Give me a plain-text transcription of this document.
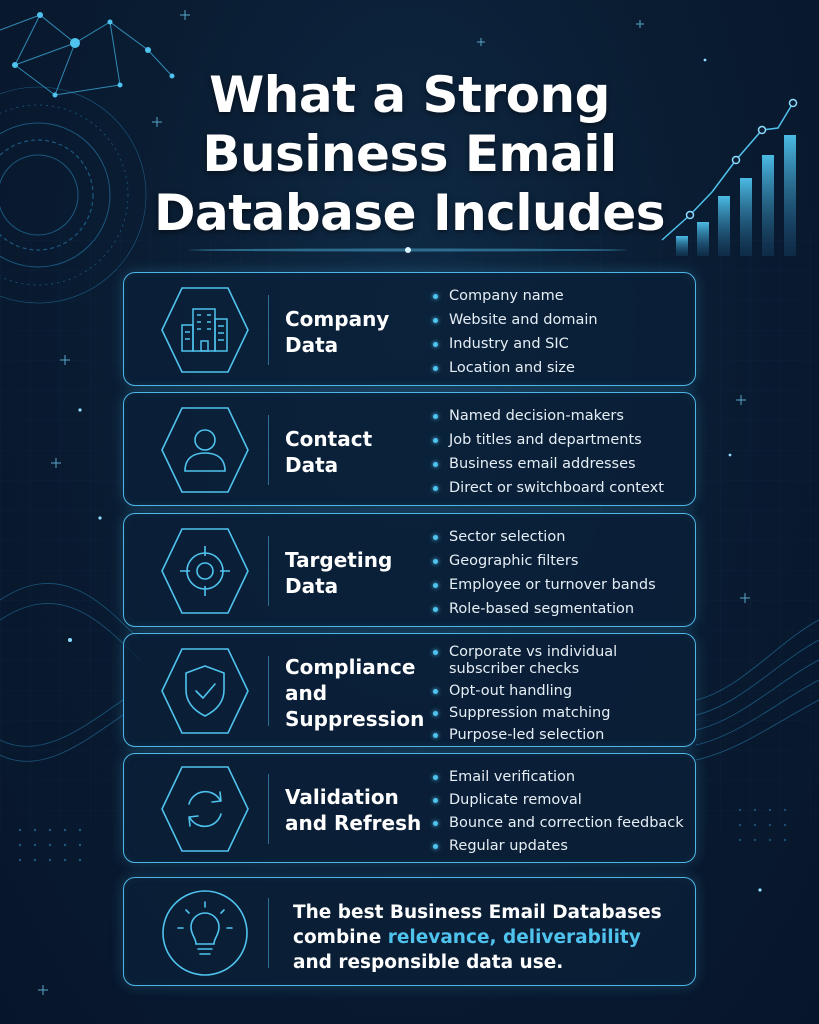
What a Strong
Business Email
Database Includes
Company
Data
Company name
Website and domain
Industry and SIC
Location and size
Contact
Data
Named decision-makers
Job titles and departments
Business email addresses
Direct or switchboard context
Targeting
Data
Sector selection
Geographic filters
Employee or turnover bands
Role-based segmentation
Compliance
and
Suppression
Corporate vs individual subscriber checks
Opt-out handling
Suppression matching
Purpose-led selection
Validation
and Refresh
Email verification
Duplicate removal
Bounce and correction feedback
Regular updates
The best Business Email Databases combine relevance, deliverability and responsible data use.
